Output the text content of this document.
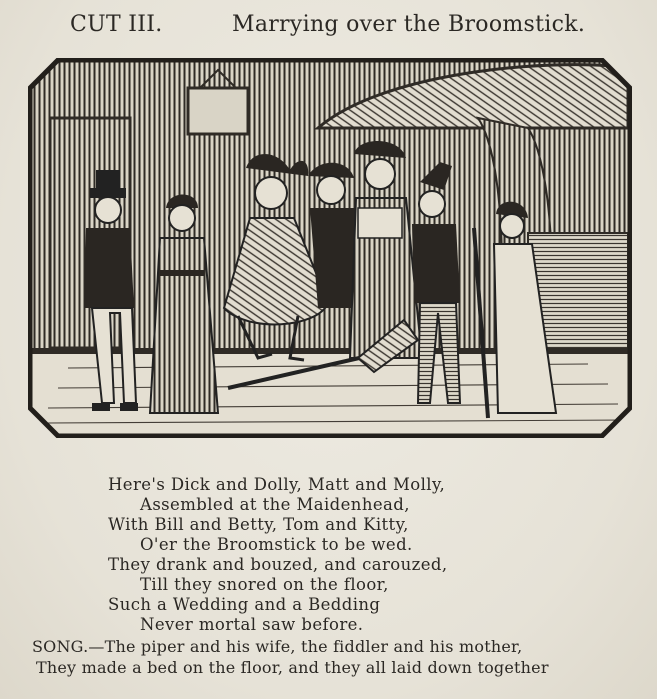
CUT III.	Marrying over the Broomstick.
Here's Dick and Dolly, Matt and Molly,
Assembled at the Maidenhead,
With Bill and Betty, Tom and Kitty,
O'er the Broomstick to be wed.
They drank and bouzed, and carouzed,
Till they snored on the floor,
Such a Wedding and a Bedding
Never mortal saw before.
SONG.—The piper and his wife, the fiddler and his mother,
They made a bed on the floor, and they all laid down together
